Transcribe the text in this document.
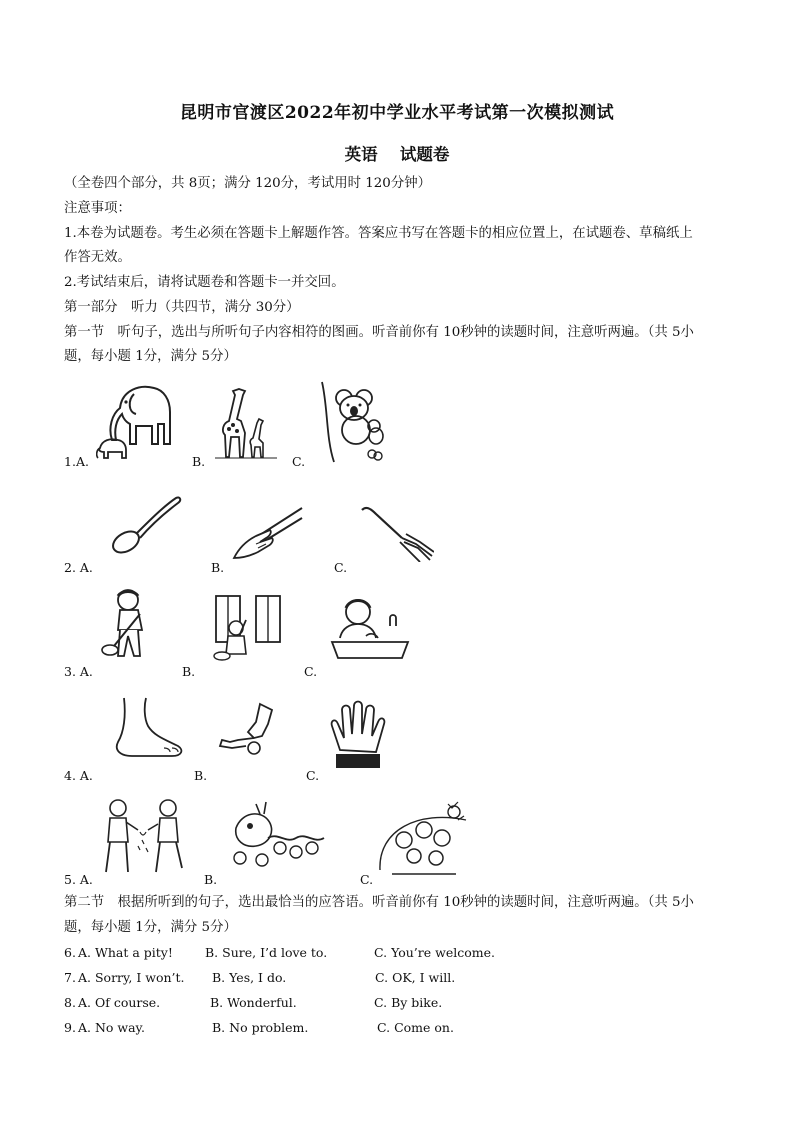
昆明市官渡区2022年初中学业水平考试第一次模拟测试
英语　 试题卷
（全卷四个部分，共 8页；满分 120分，考试用时 120分钟）
注意事项：
1.本卷为试题卷。考生必须在答题卡上解题作答。答案应书写在答题卡的相应位置上，在试题卷、草稿纸上
作答无效。
2.考试结束后，请将试题卷和答题卡一并交回。
第一部分　听力（共四节，满分 30分）
第一节　听句子，选出与所听句子内容相符的图画。听音前你有 10秒钟的读题时间，注意听两遍。（共 5小
题，每小题 1分，满分 5分）
1.A.	B.	C.
2. A.	B.	C.
3. A.	B.	C.
4. A.	B.	C.
5. A.	B.	C.
第二节　根据所听到的句子，选出最恰当的应答语。听音前你有 10秒钟的读题时间，注意听两遍。（共 5小
题，每小题 1分，满分 5分）
6. A. What a pity!	B. Sure, I’d love to.	C. You’re welcome.
7. A. Sorry, I won’t. B. Yes, I do.	C. OK, I will.
8. A. Of course.	B. Wonderful.	C. By bike.
9. A. No way.	B. No problem.	C. Come on.
